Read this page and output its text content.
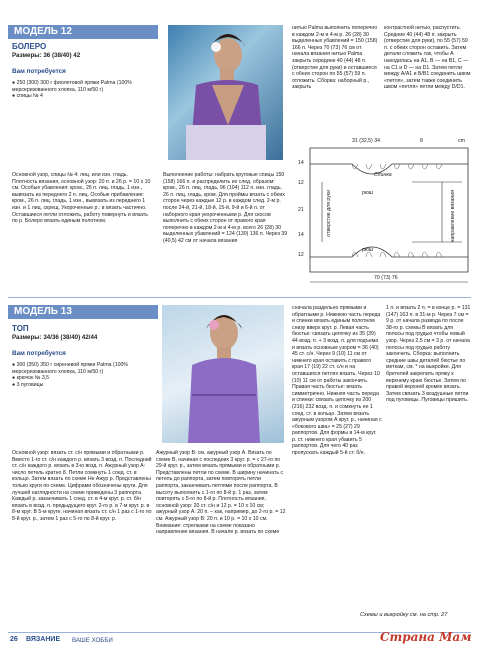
МОДЕЛЬ 12
БОЛЕРО
Размеры: 36 (38/40) 42
Вам потребуется
● 250 (300) 300 г фиолетовой пряжи Palma (100% мерсеризованного хлопка, 110 м/50 г)
● спицы № 4
Основной узор, спицы № 4: лиц. или изн. гладь. Плотность вязания, основной узор: 20 п. и 26 р. = 10 х 10 см. Особые убавления: кром., 26 п. лиц. гладь, 1 изн., вывязать из переднего 2 п. лиц. Особые прибавления: кром., 26 п. лиц. гладь, 1 изн., вывязать из переднего 1 изн. и 1 лиц. скрещ. Укороченные р.: в вязать частично. Оставшиеся петли отложить, работу повернуть и вязать по р. Болеро вязать единым полотном.
Выполнение работы: набрать круговые спицы 150 (158) 166 п. и распределить их след. образом: кром., 26 п. лиц. гладь, 96 (104) 112 п. изн. гладь, 26 п. лиц. гладь, кром. Для проймы вязать с обеих сторон через каждые 12 р. в каждом след. 2-м р. после 24-й, 21-й, 18-й, 15-й, 9-й и 6-й п. от наборного края укороченными р. Для скосов выполнить с обеих сторон от правого края поперечно в каждом 2-м и 4-м р. всего 26 (28) 30 выделенных убавлений = 124 (130) 136 п. Через 39 (40,5) 42 см от начала вязания
нитью Palma выполнить поперечно в каждом 2-м и 4-м р. 26 (28) 30 выделенных убавлений = 150 (158) 166 п. Через 70 (73) 76 см от начала вязания нитью Palma закрыть середине 40 (44) 48 п. (отверстие для руки) и оставшиеся с обеих сторон по 55 (57) 59 п. отложить. Сборка: наборный р., закрыть
контрастной нитью, распустить. Средние 40 (44) 48 п. закрыть (отверстие для руки), по 55 (57) 59 п. с обеих сторон оставить. Затем детали сложить так, чтобы A находилась на A1, B — на B1, C — на C1 и D — на D1. Затем петли между A/A1 и B/B1 соединить швом «петля», затем также соединить швом «петля» петли между D/D1.
31 (32,5) 34	8	cm
Спинка
рюш
рюш
70 (73) 76
отверстие для руки	направление вязания
14
12
21
14
12
МОДЕЛЬ 13
ТОП
Размеры: 34/36 (38/40) 42/44
Вам потребуется
● 300 (350) 350 г сиреневой пряжи Palma (100% мерсеризованного хлопка, 110 м/50 г)
● крючок № 3,5
● 3 пуговицы
Основной узор: вязать ст. с/н прямыми и обратными р. Вместо 1-го ст. с/н каждого р. вязать 3 возд. п. Последний ст. с/н каждого р. вязать в 3-ю возд. п. Ажурный узор А: число петель кратно 8. Петли сомкнуть 1 соед. ст. в кольцо. Затем вязать по схеме Не Ажур р. Представлены только круги по схеме. Цифрами обозначены круги. Для лучшей наглядности на схеме приведены 3 раппорта. Каждый р. заканчивать 1 соед. ст. в 4-м круг. р. ст. б/н вязать в возд. п. предыдущего круг. 2-го р. в 7-м круг. р. в 8-м круг. В 5-м круге. начиная вязать ст. с/н 1 раз с 1-го по 8-й круг. р., затем 1 раз с 5-го по 8-й круг. р.
Ажурный узор В: см. ажурный узор А. Вязать по схеме В, начиная с последних 3 круг. р. = с 27-го по 29-й круг. р., затем вязать прямыми и обратными р. Представлены петли по схеме. В ширину начинать с петель до раппорта, затем повторять петли раппорта, заканчивать петлями после раппорта. В высоту выполнить с 1-го по 8-й р. 1 раз, затем повторять с 5-го по 8-й р. Плотность вязания, основной узор: 20 ст. с/н и 12 р. = 10 х 10 см; ажурный узор А: 20 п. – как, например, до 2-го р. = 12 см. Ажурный узор В: 20 п. и 10 р. = 10 х 10 см. Внимание: стрелками на схеме показано направление вязания. В начале р. вязать по схеме
сначала раздельно прямыми и обратными р. Нижнюю часть переда и спинки вязать единым полотном снизу вверх круг. р. Левая часть бюстье: связать цепочку из 35 (39) 44 возд. п. + 3 возд. п. для подъема и вязать основным узором = 36 (40) 45 ст. с/н. Через 9 (10) 11 см от нижнего края оставить с правого края 17 (19) 22 ст. с/н и на оставшихся петлях вязать. Через 10 (10) 11 см от работы закончить. Правая часть бюстье: вязать симметрично. Нижняя часть переда и спинки: связать цепочку из 200 (216) 232 возд. п. и сомкнуть ее 1 соед. ст. в кольцо. Затем вязать ажурным узором А круг. р., начиная с «бокового шва» = 25 (27) 29 раппортов. Для формы в 14-м круг. р. ст. нижнего края убавить 5 раппортов. Для чего 40 раз пропускать каждый 5-й ст. б/н.
1 п. и вязать 2 п. = в конце р. = 131 (147) 163 п. в 31-м р. Через 7 см = 9 р. от начала развода по после 38-го р. схемы В вязать для полосы под грудью чтобы новый узор. Через 2,5 см = 3 р. от начала полосы под грудью работу закончить. Сборка: выполнить средние швы деталей бюстье по меткам, см. * на выкройке. Для бретелей закрепить пряжу к верхнему краю бюстье. Затем по правой верхней кромке вязать. Затем связать 3 воздушные петли под пуговицы. Пуговицы пришить.
26 ВЯЗАНИЕ ВАШЕ ХОББИ
Схемы и выкройку см. на стр. 27
Страна Мам
